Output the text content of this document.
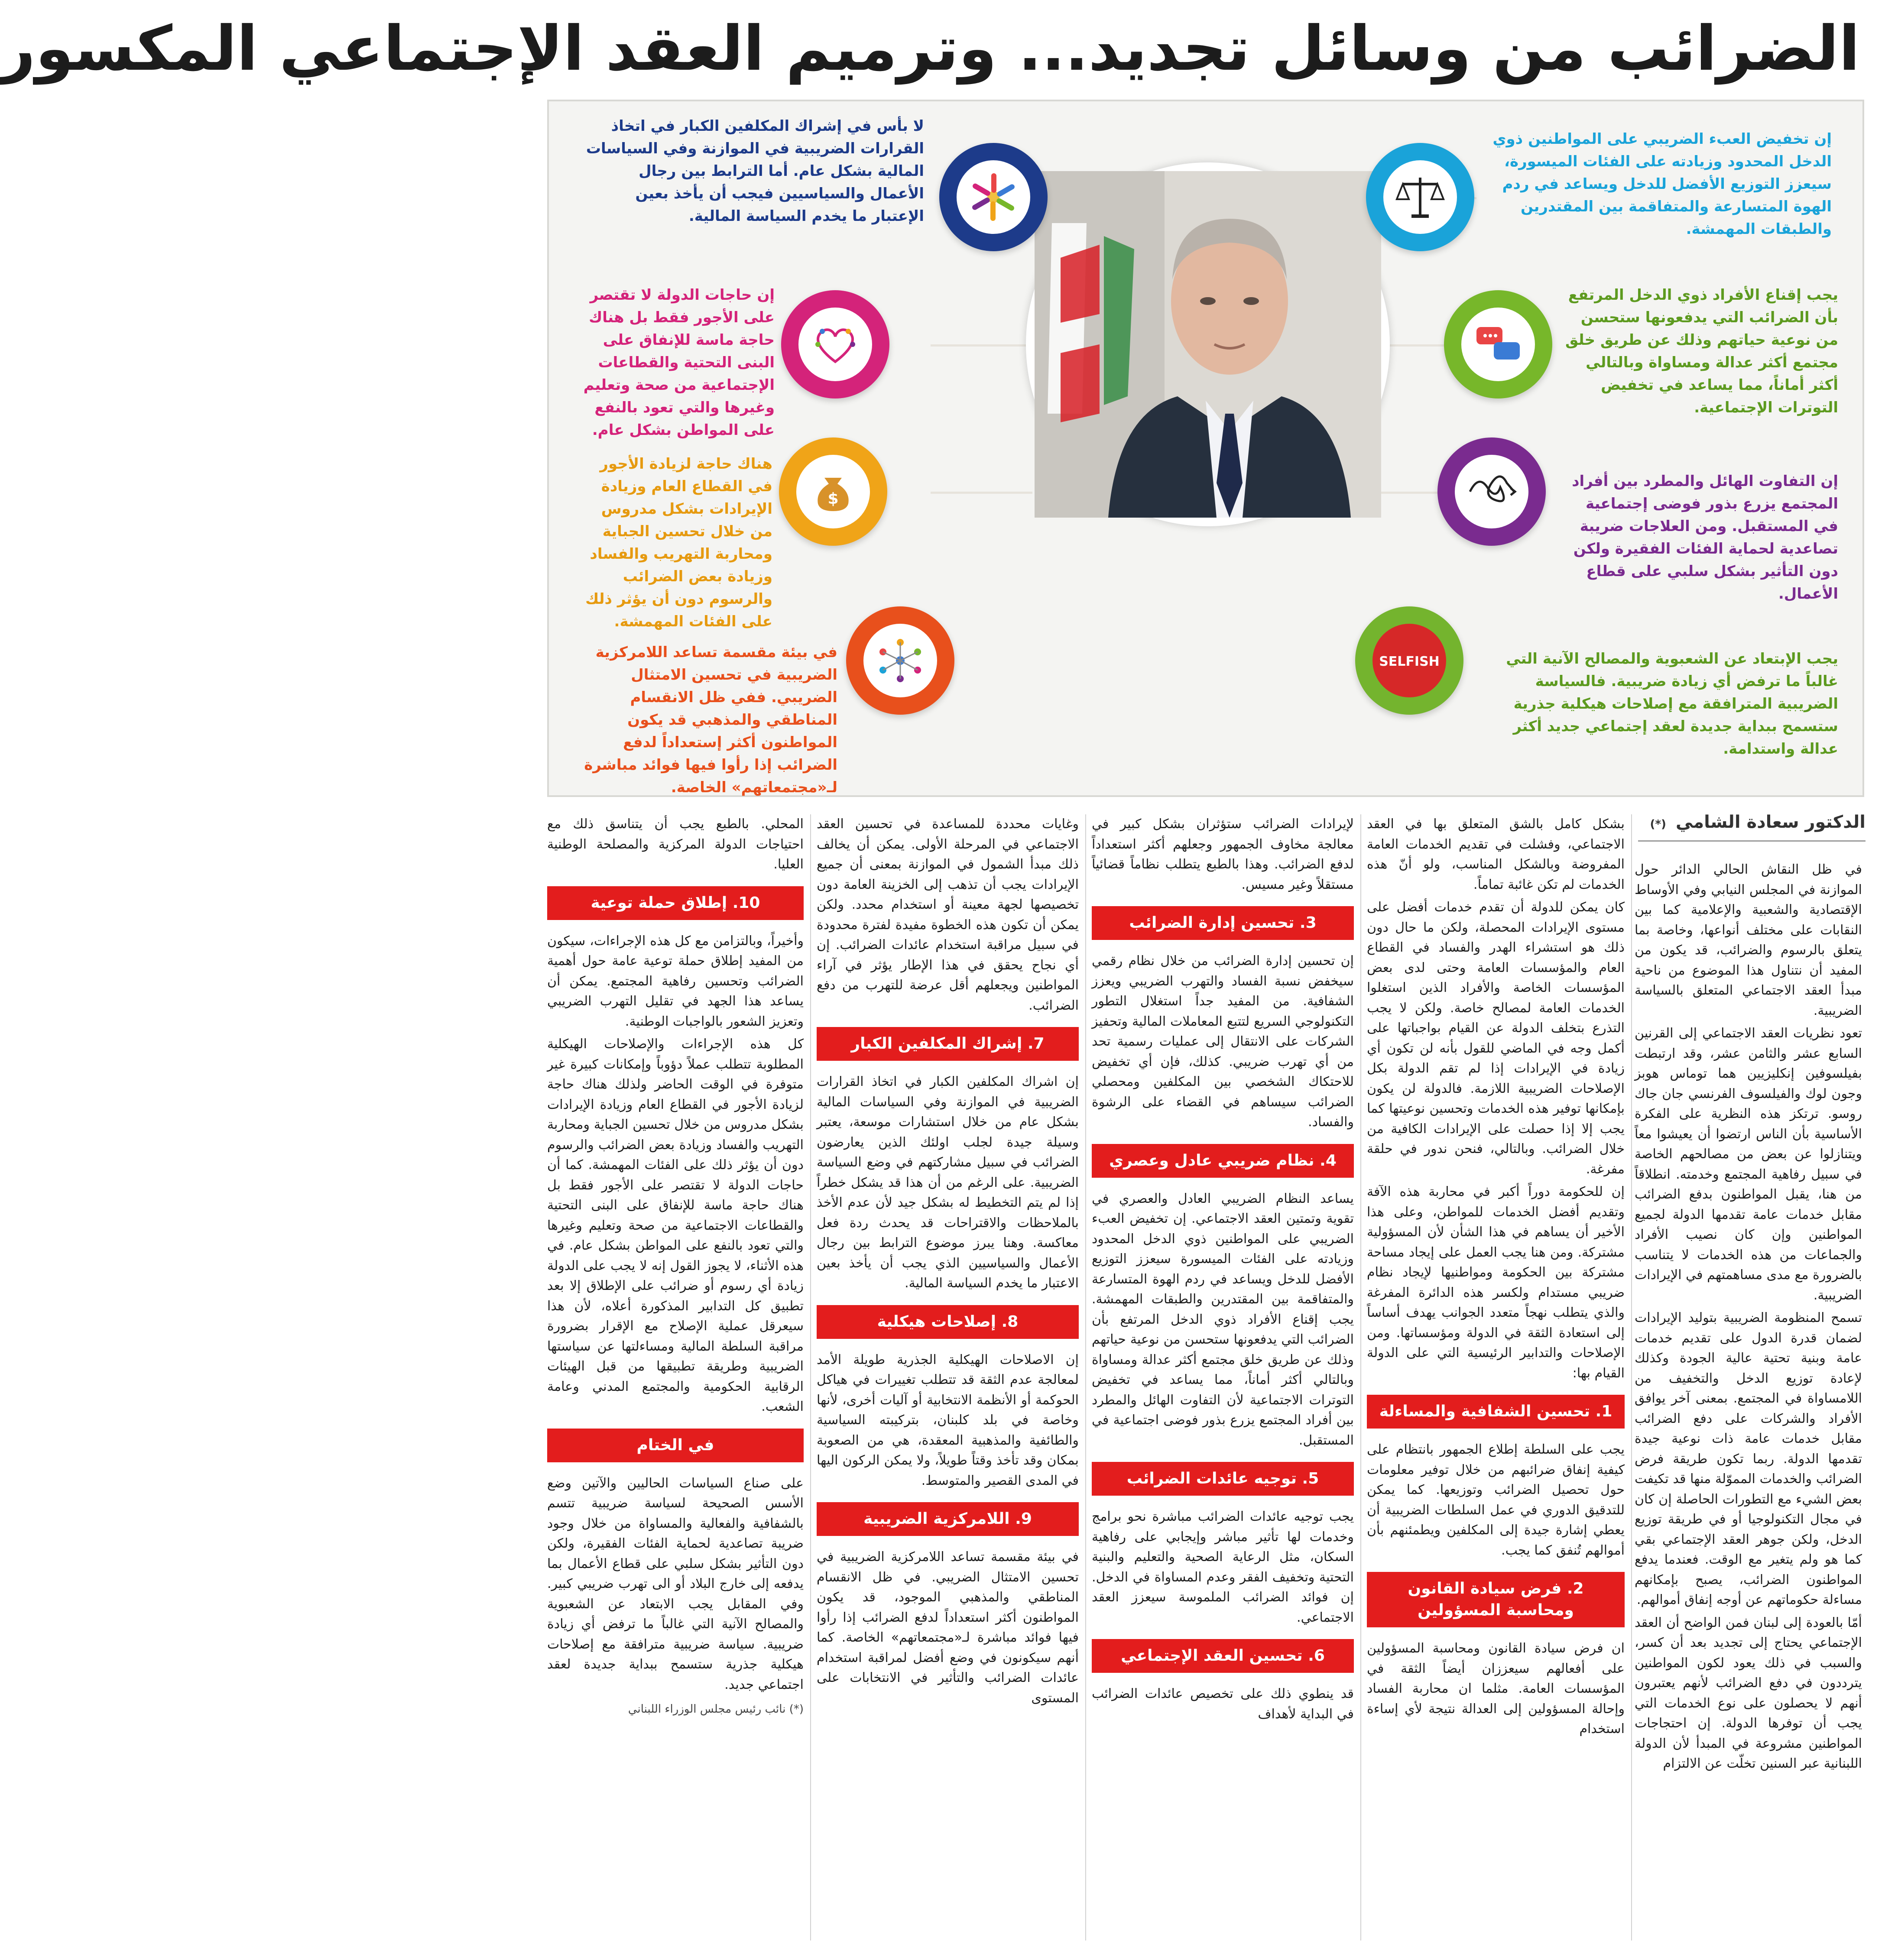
الضرائب من وسائل تجديد... وترميم العقد الإجتماعي المكسور
SELFISH
$
إن تخفيض العبء الضريبي على المواطنين ذوي الدخل المحدود وزيادته على الفئات الميسورة، سيعزز التوزيع الأفضل للدخل ويساعد في ردم الهوة المتسارعة والمتفاقمة بين المقتدرين والطبقات المهمشة.
يجب إقناع الأفراد ذوي الدخل المرتفع بأن الضرائب التي يدفعونها ستحسن من نوعية حياتهم وذلك عن طريق خلق مجتمع أكثر عدالة ومساواة وبالتالي أكثر أماناً، مما يساعد في تخفيض التوترات الإجتماعية.
إن التفاوت الهائل والمطرد بين أفراد المجتمع يزرع بذور فوضى إجتماعية في المستقبل. ومن العلاجات ضريبة تصاعدية لحماية الفئات الفقيرة ولكن دون التأثير بشكل سلبي على قطاع الأعمال.
يجب الإبتعاد عن الشعبوية والمصالح الآنية التي غالباً ما ترفض أي زيادة ضريبية. فالسياسة الضريبية المترافقة مع إصلاحات هيكلية جذرية ستسمح ببداية جديدة لعقد إجتماعي جديد أكثر عدالة واستدامة.
لا بأس في إشراك المكلفين الكبار في اتخاذ القرارات الضريبية في الموازنة وفي السياسات المالية بشكل عام. أما الترابط بين رجال الأعمال والسياسيين فيجب أن يأخذ بعين الإعتبار ما يخدم السياسة المالية.
إن حاجات الدولة لا تقتصر على الأجور فقط بل هناك حاجة ماسة للإنفاق على البنى التحتية والقطاعات الإجتماعية من صحة وتعليم وغيرها والتي تعود بالنفع على المواطن بشكل عام.
هناك حاجة لزيادة الأجور في القطاع العام وزيادة الإيرادات بشكل مدروس من خلال تحسين الجباية ومحاربة التهريب والفساد وزيادة بعض الضرائب والرسوم دون أن يؤثر ذلك على الفئات المهمشة.
في بيئة مقسمة تساعد اللامركزية الضريبية في تحسين الامتثال الضريبي. ففي ظل الانقسام المناطقي والمذهبي قد يكون المواطنون أكثر إستعداداً لدفع الضرائب إذا رأوا فيها فوائد مباشرة لـ«مجتمعاتهم» الخاصة.
الدكتور سعادة الشامي (*)

في ظل النقاش الحالي الدائر حول الموازنة في المجلس النيابي وفي الأوساط الإقتصادية والشعبية والإعلامية كما بين النقابات على مختلف أنواعها، وخاصة بما يتعلق بالرسوم والضرائب، قد يكون من المفيد أن نتناول هذا الموضوع من ناحية مبدأ العقد الاجتماعي المتعلق بالسياسة الضريبية.

تعود نظريات العقد الاجتماعي إلى القرنين السابع عشر والثامن عشر، وقد ارتبطت بفيلسوفين إنكليزيين هما توماس هوبز وجون لوك والفيلسوف الفرنسي جان جاك روسو. ترتكز هذه النظرية على الفكرة الأساسية بأن الناس ارتضوا أن يعيشوا معاً ويتنازلوا عن بعض من مصالحهم الخاصة في سبيل رفاهية المجتمع وخدمته. انطلاقاً من هنا، يقبل المواطنون بدفع الضرائب مقابل خدمات عامة تقدمها الدولة لجميع المواطنين وإن كان نصيب الأفراد والجماعات من هذه الخدمات لا يتناسب بالضرورة مع مدى مساهمتهم في الإيرادات الضريبية.

تسمح المنظومة الضريبية بتوليد الإيرادات لضمان قدرة الدول على تقديم خدمات عامة وبنية تحتية عالية الجودة وكذلك لإعادة توزيع الدخل والتخفيف من اللامساواة في المجتمع. بمعنى آخر يوافق الأفراد والشركات على دفع الضرائب مقابل خدمات عامة ذات نوعية جيدة تقدمها الدولة. ربما تكون طريقة فرض الضرائب والخدمات المموّلة منها قد تكيفت بعض الشيء مع التطورات الحاصلة إن كان في مجال التكنولوجيا أو في طريقة توزيع الدخل، ولكن جوهر العقد الإجتماعي بقي كما هو ولم يتغير مع الوقت. فعندما يدفع المواطنون الضرائب، يصبح بإمكانهم مساءلة حكوماتهم عن أوجه إنفاق أموالهم.

أمّا بالعودة إلى لبنان فمن الواضح أن العقد الإجتماعي يحتاج إلى تجديد بعد أن كسر، والسبب في ذلك يعود لكون المواطنين يترددون في دفع الضرائب لأنهم يعتبرون أنهم لا يحصلون على نوع الخدمات التي يجب أن توفرها الدولة. إن احتجاجات المواطنين مشروعة في المبدأ لأن الدولة اللبنانية عبر السنين تخلّت عن الالتزام

بشكل كامل بالشق المتعلق بها في العقد الاجتماعي، وفشلت في تقديم الخدمات العامة المفروضة وبالشكل المناسب، ولو أنّ هذه الخدمات لم تكن غائبة تماماً.

كان يمكن للدولة أن تقدم خدمات أفضل على مستوى الإيرادات المحصلة، ولكن ما حال دون ذلك هو استشراء الهدر والفساد في القطاع العام والمؤسسات العامة وحتى لدى بعض المؤسسات الخاصة والأفراد الذين استغلوا الخدمات العامة لمصالح خاصة. ولكن لا يجب التذرع بتخلف الدولة عن القيام بواجباتها على أكمل وجه في الماضي للقول بأنه لن تكون أي زيادة في الإيرادات إذا لم تقم الدولة بكل الإصلاحات الضريبية اللازمة. فالدولة لن يكون بإمكانها توفير هذه الخدمات وتحسين نوعيتها كما يجب إلا إذا حصلت على الإيرادات الكافية من خلال الضرائب. وبالتالي، فنحن ندور في حلقة مفرغة.

إن للحكومة دوراً أكبر في محاربة هذه الآفة وتقديم أفضل الخدمات للمواطن، وعلى هذا الأخير أن يساهم في هذا الشأن لأن المسؤولية مشتركة. ومن هنا يجب العمل على إيجاد مساحة مشتركة بين الحكومة ومواطنيها لإيجاد نظام ضريبي مستدام ولكسر هذه الدائرة المفرغة والذي يتطلب نهجاً متعدد الجوانب يهدف أساساً إلى استعادة الثقة في الدولة ومؤسساتها. ومن الإصلاحات والتدابير الرئيسية التي على الدولة القيام بها:

1. تحسين الشفافية والمساءلة

يجب على السلطة إطلاع الجمهور بانتظام على كيفية إنفاق ضرائبهم من خلال توفير معلومات حول تحصيل الضرائب وتوزيعها. كما يمكن للتدقيق الدوري في عمل السلطات الضريبية أن يعطي إشارة جيدة إلى المكلفين ويطمئنهم بأن أموالهم تُنفق كما يجب.

2. فرض سيادة القانون ومحاسبة المسؤولين

ان فرض سيادة القانون ومحاسبة المسؤولين على أفعالهم سيعززان أيضاً الثقة في المؤسسات العامة. مثلما ان محاربة الفساد وإحالة المسؤولين إلى العدالة نتيجة لأي إساءة استخدام

لإيرادات الضرائب ستؤثران بشكل كبير في معالجة مخاوف الجمهور وجعلهم أكثر استعداداً لدفع الضرائب. وهذا بالطبع يتطلب نظاماً قضائياً مستقلاً وغير مسيس.

3. تحسين إدارة الضرائب

إن تحسين إدارة الضرائب من خلال نظام رقمي سيخفض نسبة الفساد والتهرب الضريبي ويعزز الشفافية. من المفيد جداً استغلال التطور التكنولوجي السريع لتتبع المعاملات المالية وتحفيز الشركات على الانتقال إلى عمليات رسمية تحد من أي تهرب ضريبي. كذلك، فإن أي تخفيض للاحتكاك الشخصي بين المكلفين ومحصلي الضرائب سيساهم في القضاء على الرشوة والفساد.

4. نظام ضريبي عادل وعصري

يساعد النظام الضريبي العادل والعصري في تقوية وتمتين العقد الاجتماعي. إن تخفيض العبء الضريبي على المواطنين ذوي الدخل المحدود وزيادته على الفئات الميسورة سيعزز التوزيع الأفضل للدخل ويساعد في ردم الهوة المتسارعة والمتفاقمة بين المقتدرين والطبقات المهمشة. يجب إقناع الأفراد ذوي الدخل المرتفع بأن الضرائب التي يدفعونها ستحسن من نوعية حياتهم وذلك عن طريق خلق مجتمع أكثر عدالة ومساواة وبالتالي أكثر أماناً، مما يساعد في تخفيض التوترات الاجتماعية لأن التفاوت الهائل والمطرد بين أفراد المجتمع يزرع بذور فوضى اجتماعية في المستقبل.

5. توجيه عائدات الضرائب

يجب توجيه عائدات الضرائب مباشرة نحو برامج وخدمات لها تأثير مباشر وإيجابي على رفاهية السكان، مثل الرعاية الصحية والتعليم والبنية التحتية وتخفيف الفقر وعدم المساواة في الدخل. إن فوائد الضرائب الملموسة سيعزز العقد الاجتماعي.

6. تحسين العقد الإجتماعي

قد ينطوي ذلك على تخصيص عائدات الضرائب في البداية لأهداف

وغايات محددة للمساعدة في تحسين العقد الاجتماعي في المرحلة الأولى. يمكن أن يخالف ذلك مبدأ الشمول في الموازنة بمعنى أن جميع الإيرادات يجب أن تذهب إلى الخزينة العامة دون تخصيصها لجهة معينة أو استخدام محدد. ولكن يمكن أن تكون هذه الخطوة مفيدة لفترة محدودة في سبيل مراقبة استخدام عائدات الضرائب. إن أي نجاح يحقق في هذا الإطار يؤثر في آراء المواطنين ويجعلهم أقل عرضة للتهرب من دفع الضرائب.

7. إشراك المكلفين الكبار

إن اشراك المكلفين الكبار في اتخاذ القرارات الضريبية في الموازنة وفي السياسات المالية بشكل عام من خلال استشارات موسعة، يعتبر وسيلة جيدة لجلب اولئك الذين يعارضون الضرائب في سبيل مشاركتهم في وضع السياسة الضريبية. على الرغم من أن هذا قد يشكل خطراً إذا لم يتم التخطيط له بشكل جيد لأن عدم الأخذ بالملاحظات والاقتراحات قد يحدث ردة فعل معاكسة. وهنا يبرز موضوع الترابط بين رجال الأعمال والسياسيين الذي يجب أن يأخذ بعين الاعتبار ما يخدم السياسة المالية.

8. إصلاحات هيكلية

إن الاصلاحات الهيكلية الجذرية طويلة الأمد لمعالجة عدم الثقة قد تتطلب تغييرات في هياكل الحوكمة أو الأنظمة الانتخابية أو آليات أخرى، لأنها وخاصة في بلد كلبنان، بتركيبته السياسية والطائفية والمذهبية المعقدة، هي من الصعوبة بمكان وقد تأخذ وقتاً طويلاً، ولا يمكن الركون اليها في المدى القصير والمتوسط.

9. اللامركزية الضريبية

في بيئة مقسمة تساعد اللامركزية الضريبية في تحسين الامتثال الضريبي. في ظل الانقسام المناطقي والمذهبي الموجود، قد يكون المواطنون أكثر استعداداً لدفع الضرائب إذا رأوا فيها فوائد مباشرة لـ«مجتمعاتهم» الخاصة. كما أنهم سيكونون في وضع أفضل لمراقبة استخدام عائدات الضرائب والتأثير في الانتخابات على المستوى

المحلي. بالطبع يجب أن يتناسق ذلك مع احتياجات الدولة المركزية والمصلحة الوطنية العليا.

10. إطلاق حملة توعية

وأخيراً، وبالتزامن مع كل هذه الإجراءات، سيكون من المفيد إطلاق حملة توعية عامة حول أهمية الضرائب وتحسين رفاهية المجتمع. يمكن أن يساعد هذا الجهد في تقليل التهرب الضريبي وتعزيز الشعور بالواجبات الوطنية.

كل هذه الإجراءات والإصلاحات الهيكلية المطلوبة تتطلب عملاً دؤوباً وإمكانات كبيرة غير متوفرة في الوقت الحاضر ولذلك هناك حاجة لزيادة الأجور في القطاع العام وزيادة الإيرادات بشكل مدروس من خلال تحسين الجباية ومحاربة التهريب والفساد وزيادة بعض الضرائب والرسوم دون أن يؤثر ذلك على الفئات المهمشة. كما أن حاجات الدولة لا تقتصر على الأجور فقط بل هناك حاجة ماسة للإنفاق على البنى التحتية والقطاعات الاجتماعية من صحة وتعليم وغيرها والتي تعود بالنفع على المواطن بشكل عام. في هذه الأثناء، لا يجوز القول إنه لا يجب على الدولة زيادة أي رسوم أو ضرائب على الإطلاق إلا بعد تطبيق كل التدابير المذكورة أعلاه، لأن هذا سيعرقل عملية الإصلاح مع الإقرار بضرورة مراقبة السلطة المالية ومساءلتها عن سياستها الضريبية وطريقة تطبيقها من قبل الهيئات الرقابية الحكومية والمجتمع المدني وعامة الشعب.

في الختام

على صناع السياسات الحاليين والآتين وضع الأسس الصحيحة لسياسة ضريبية تتسم بالشفافية والفعالية والمساواة من خلال وجود ضريبة تصاعدية لحماية الفئات الفقيرة، ولكن دون التأثير بشكل سلبي على قطاع الأعمال بما يدفعه إلى خارج البلاد أو الى تهرب ضريبي كبير. وفي المقابل يجب الابتعاد عن الشعبوية والمصالح الآنية التي غالباً ما ترفض أي زيادة ضريبية. سياسة ضريبية مترافقة مع إصلاحات هيكلية جذرية ستسمح ببداية جديدة لعقد اجتماعي جديد.

(*) نائب رئيس مجلس الوزراء اللبناني
